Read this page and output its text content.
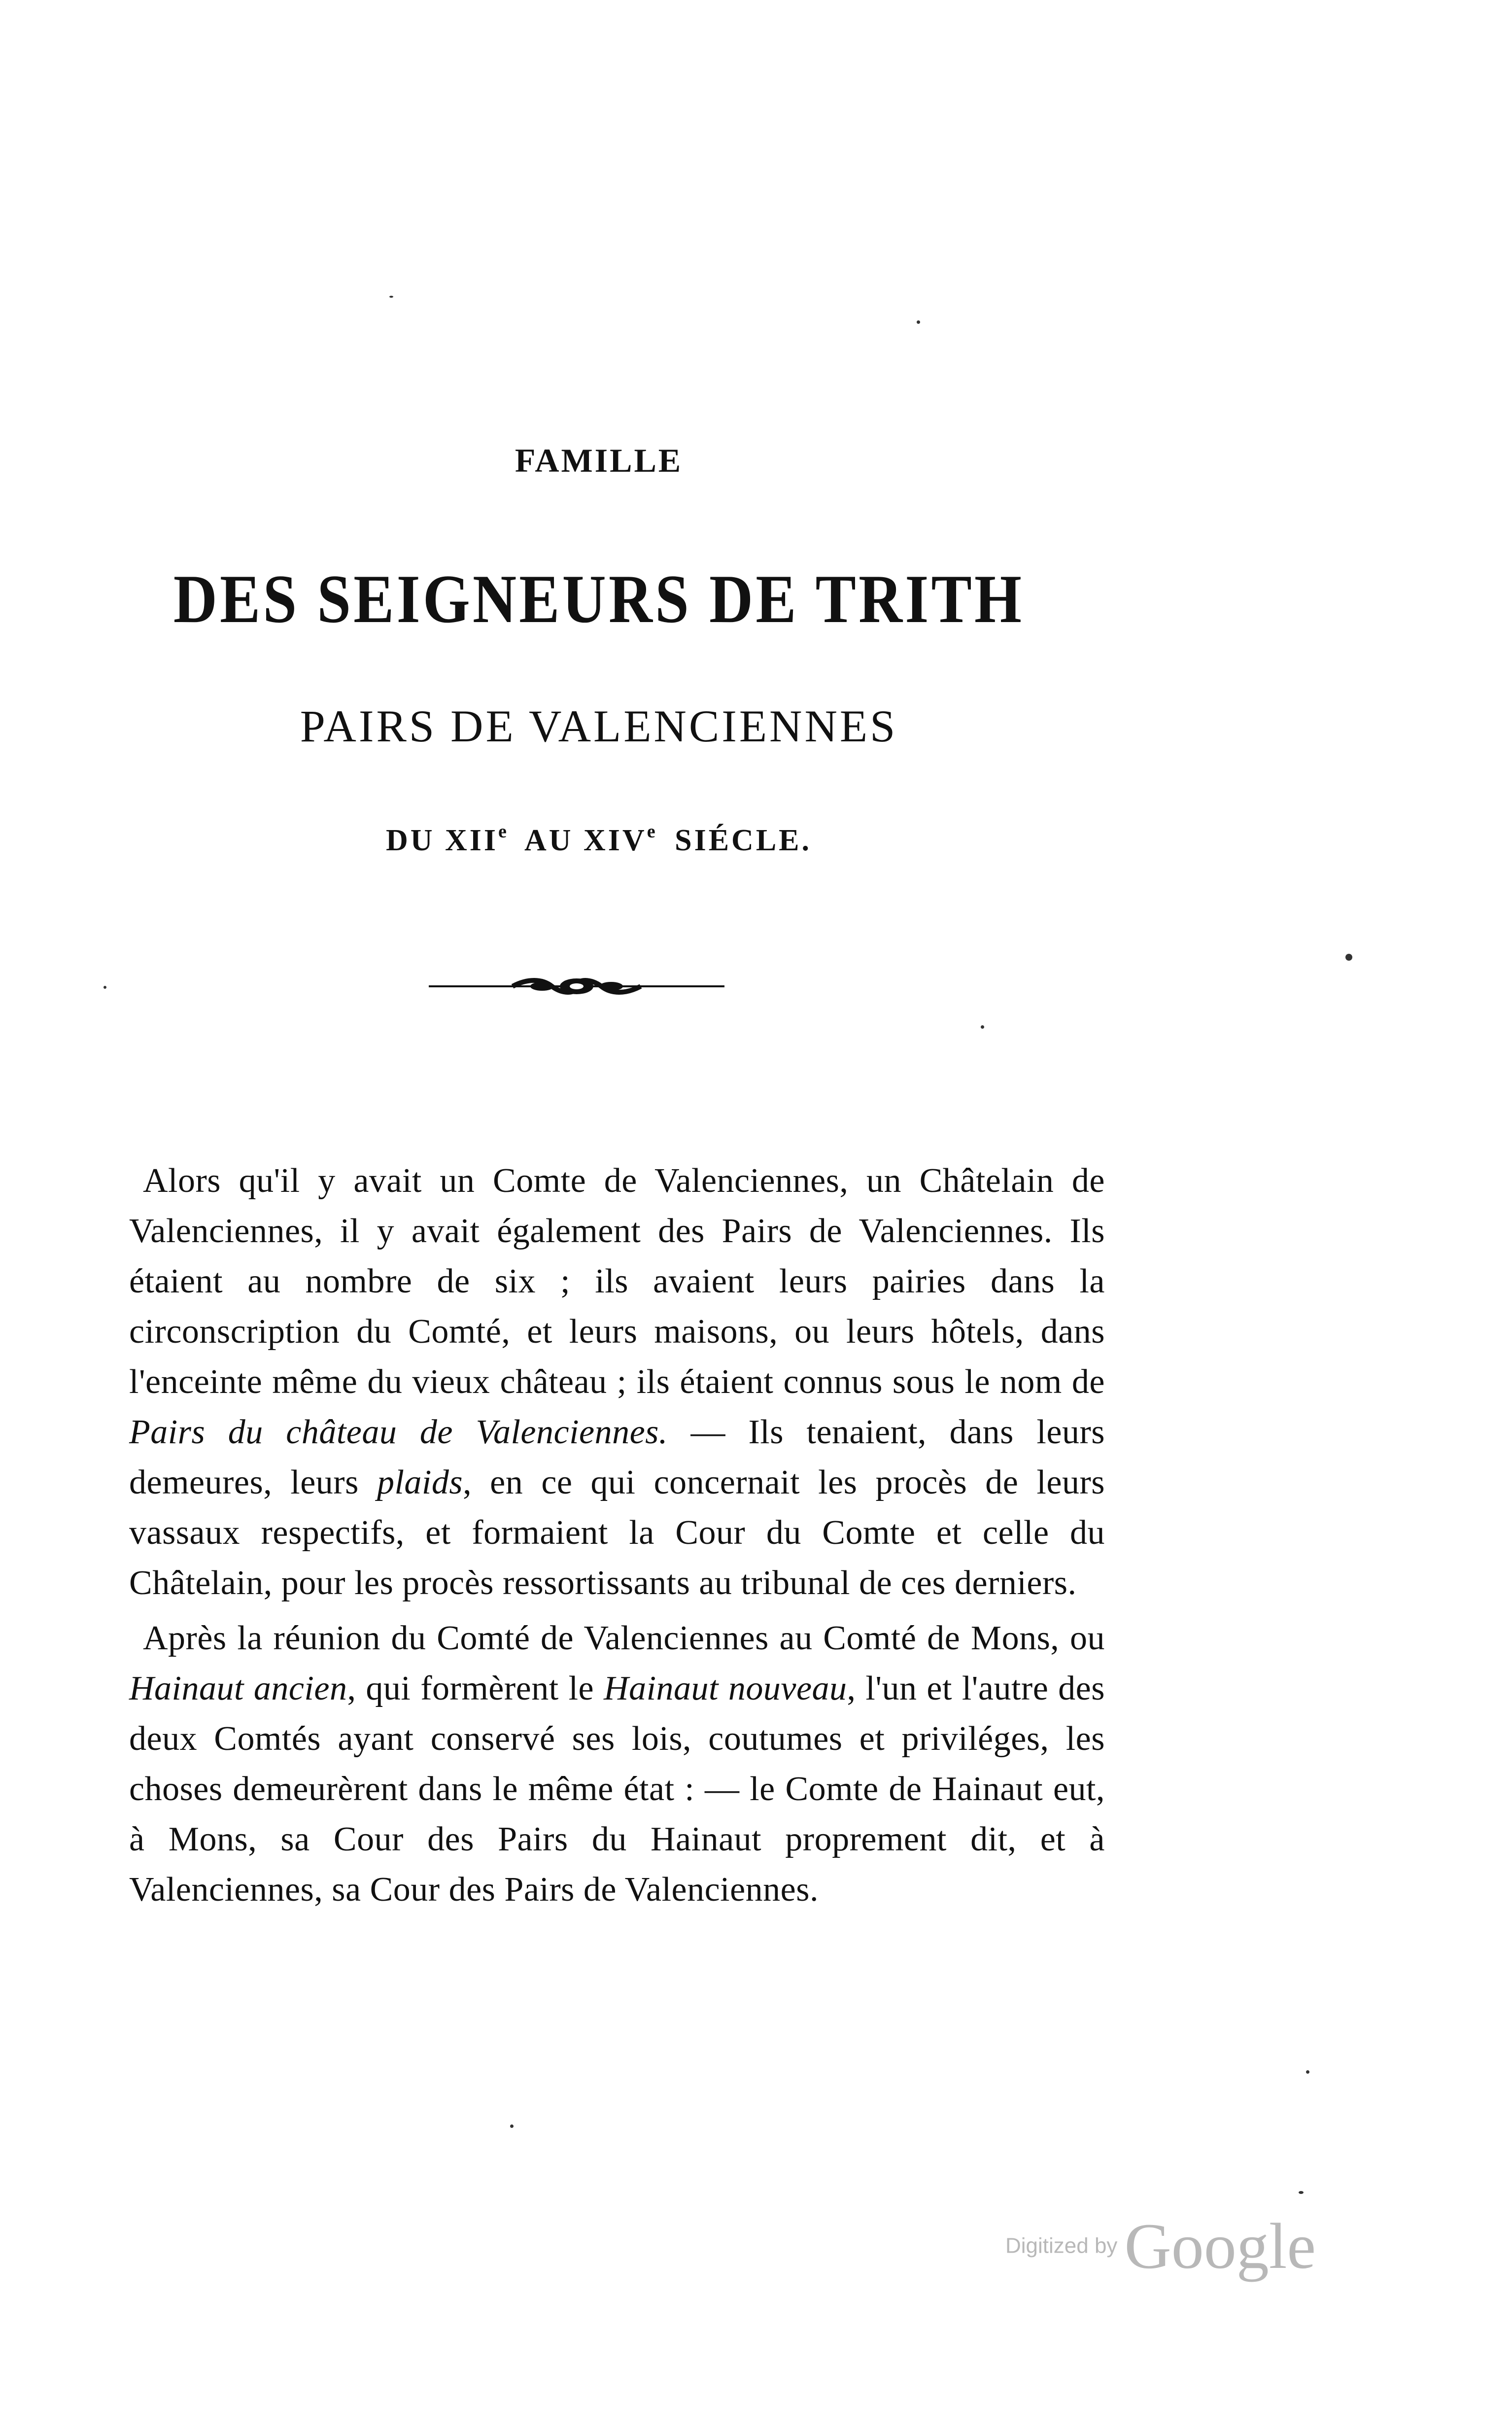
FAMILLE
DES SEIGNEURS DE TRITH
PAIRS DE VALENCIENNES
DU XIIe AU XIVe SIÉCLE.

Alors qu'il y avait un Comte de Valenciennes, un Châtelain de Valenciennes, il y avait également des Pairs de Valenciennes. Ils étaient au nombre de six ; ils avaient leurs pairies dans la circonscription du Comté, et leurs maisons, ou leurs hôtels, dans l'enceinte même du vieux château ; ils étaient connus sous le nom de Pairs du château de Valenciennes. — Ils tenaient, dans leurs demeures, leurs plaids, en ce qui concernait les procès de leurs vassaux respectifs, et formaient la Cour du Comte et celle du Châtelain, pour les procès ressortissants au tribunal de ces derniers.

Après la réunion du Comté de Valenciennes au Comté de Mons, ou Hainaut ancien, qui formèrent le Hainaut nouveau, l'un et l'autre des deux Comtés ayant conservé ses lois, coutumes et priviléges, les choses demeurèrent dans le même état : — le Comte de Hainaut eut, à Mons, sa Cour des Pairs du Hainaut proprement dit, et à Valenciennes, sa Cour des Pairs de Valenciennes.

Digitized by Google
